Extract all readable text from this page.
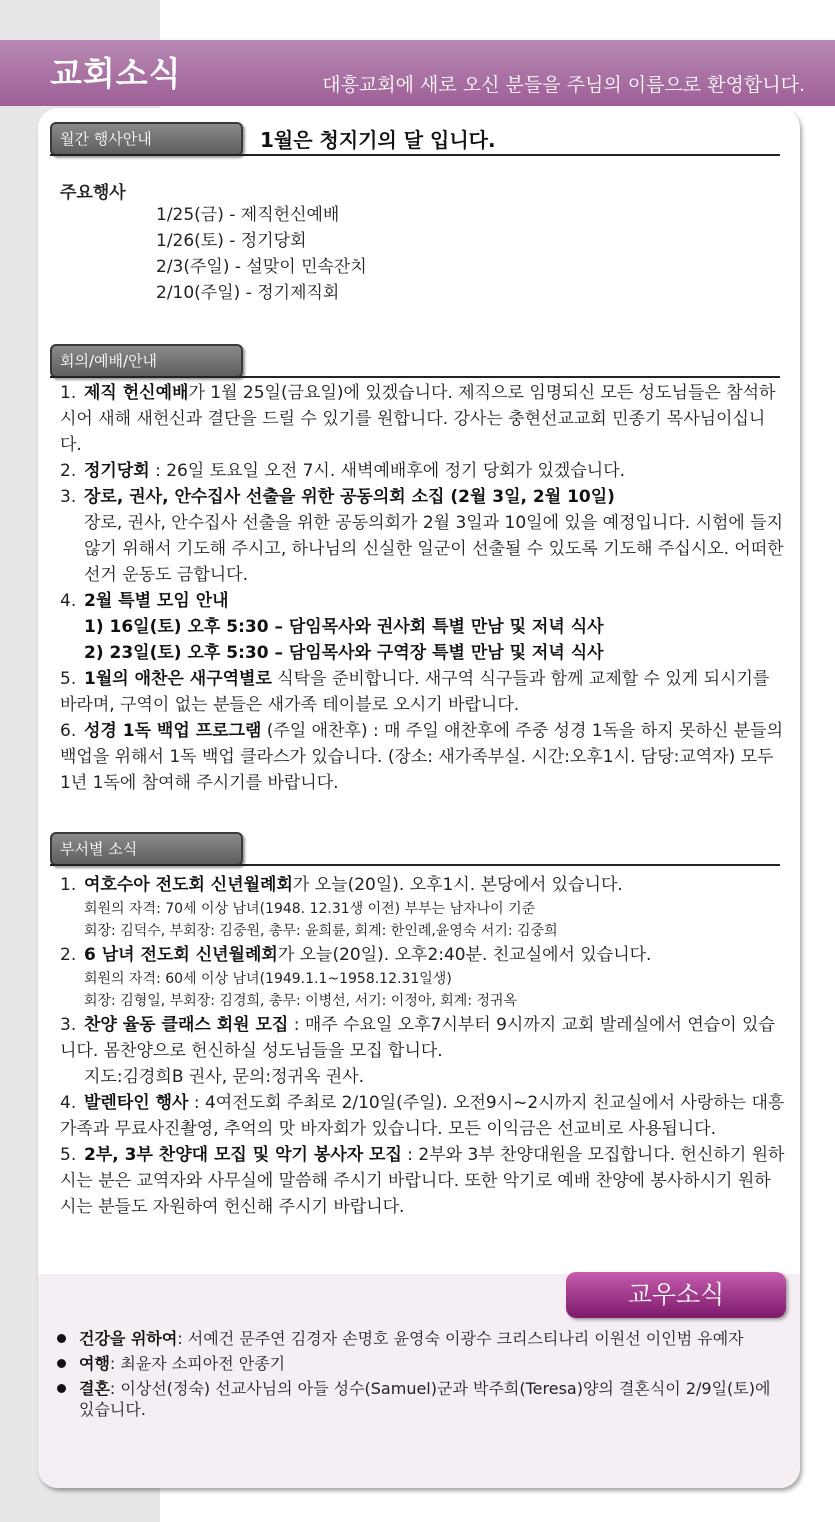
교회소식	대흥교회에 새로 오신 분들을 주님의 이름으로 환영합니다.
월간 행사안내	1월은 청지기의 달 입니다.
주요행사
1/25(금) - 제직헌신예배
1/26(토) - 정기당회
2/3(주일) - 설맞이 민속잔치
2/10(주일) - 정기제직회
회의/예배/안내
1. 제직 헌신예배가 1월 25일(금요일)에 있겠습니다. 제직으로 임명되신 모든 성도님들은 참석하시어 새해 새헌신과 결단을 드릴 수 있기를 원합니다. 강사는 충현선교교회 민종기 목사님이십니다.
2. 정기당회 : 26일 토요일 오전 7시. 새벽예배후에 정기 당회가 있겠습니다.
3. 장로, 권사, 안수집사 선출을 위한 공동의회 소집 (2월 3일, 2월 10일)
장로, 권사, 안수집사 선출을 위한 공동의회가 2월 3일과 10일에 있을 예정입니다. 시험에 들지 않기 위해서 기도해 주시고, 하나님의 신실한 일군이 선출될 수 있도록 기도해 주십시오. 어떠한 선거 운동도 금합니다.
4. 2월 특별 모임 안내
1) 16일(토) 오후 5:30 – 담임목사와 권사회 특별 만남 및 저녁 식사
2) 23일(토) 오후 5:30 – 담임목사와 구역장 특별 만남 및 저녁 식사
5. 1월의 애찬은 새구역별로 식탁을 준비합니다. 새구역 식구들과 함께 교제할 수 있게 되시기를 바라며, 구역이 없는 분들은 새가족 테이블로 오시기 바랍니다.
6. 성경 1독 백업 프로그램 (주일 애찬후) : 매 주일 애찬후에 주중 성경 1독을 하지 못하신 분들의 백업을 위해서 1독 백업 클라스가 있습니다. (장소: 새가족부실. 시간:오후1시. 담당:교역자) 모두 1년 1독에 참여해 주시기를 바랍니다.
부서별 소식
1. 여호수아 전도회 신년월례회가 오늘(20일). 오후1시. 본당에서 있습니다.
회원의 자격: 70세 이상 남녀(1948. 12.31생 이전) 부부는 남자나이 기준
회장: 김덕수, 부회장: 김중원, 총무: 윤희륜, 회계: 한인례,윤영숙 서기: 김중희
2. 6 남녀 전도회 신년월례회가 오늘(20일). 오후2:40분. 친교실에서 있습니다.
회원의 자격: 60세 이상 남녀(1949.1.1~1958.12.31일생)
회장: 김형일, 부회장: 김경희, 총무: 이병선, 서기: 이정아, 회계: 정귀옥
3. 찬양 율동 클래스 회원 모집 : 매주 수요일 오후7시부터 9시까지 교회 발레실에서 연습이 있습니다. 몸찬양으로 헌신하실 성도님들을 모집 합니다.
지도:김경희B 권사, 문의:정귀옥 권사.
4. 발렌타인 행사 : 4여전도회 주최로 2/10일(주일). 오전9시~2시까지 친교실에서 사랑하는 대흥가족과 무료사진촬영, 추억의 맛 바자회가 있습니다. 모든 이익금은 선교비로 사용됩니다.
5. 2부, 3부 찬양대 모집 및 악기 봉사자 모집 : 2부와 3부 찬양대원을 모집합니다. 헌신하기 원하시는 분은 교역자와 사무실에 말씀해 주시기 바랍니다. 또한 악기로 예배 찬양에 봉사하시기 원하시는 분들도 자원하여 헌신해 주시기 바랍니다.
교우소식
건강을 위하여: 서예건 문주연 김경자 손명호 윤영숙 이광수 크리스티나리 이원선 이인범 유예자
여행: 최윤자 소피아전 안종기
결혼: 이상선(정숙) 선교사님의 아들 성수(Samuel)군과 박주희(Teresa)양의 결혼식이 2/9일(토)에 있습니다.
